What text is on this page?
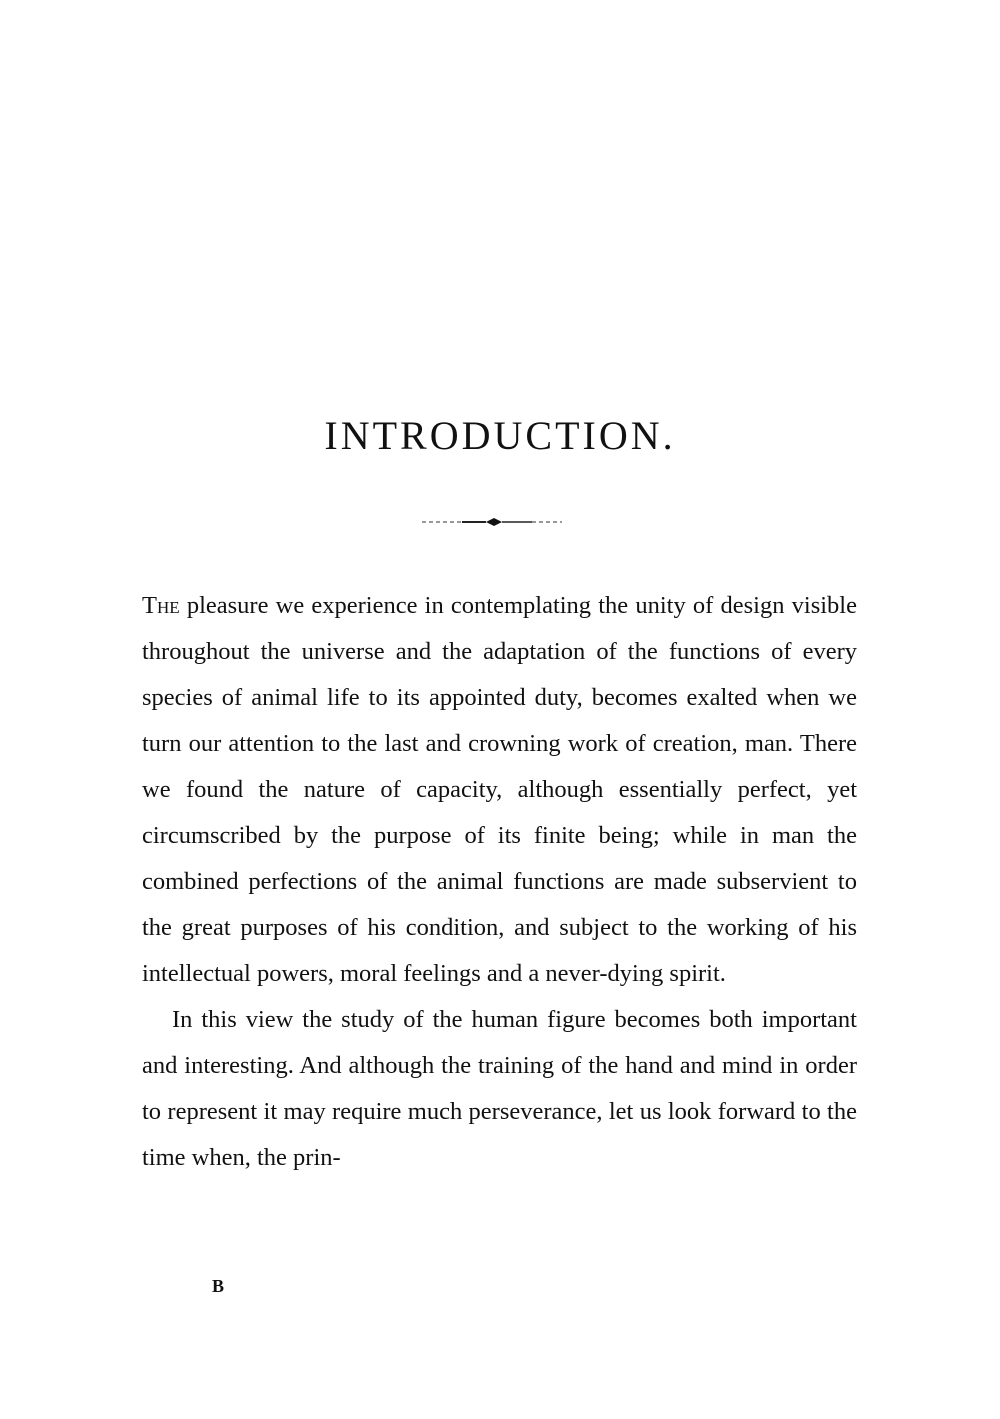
INTRODUCTION.

The pleasure we experience in contemplating the unity of design visible throughout the universe and the adaptation of the functions of every species of animal life to its appointed duty, becomes exalted when we turn our attention to the last and crowning work of creation, man. There we found the nature of capacity, although essentially perfect, yet circumscribed by the purpose of its finite being; while in man the combined perfections of the animal functions are made subservient to the great purposes of his condition, and subject to the working of his intellectual powers, moral feelings and a never-dying spirit.

In this view the study of the human figure becomes both important and interesting. And although the training of the hand and mind in order to represent it may require much perseverance, let us look forward to the time when, the prin-

B
